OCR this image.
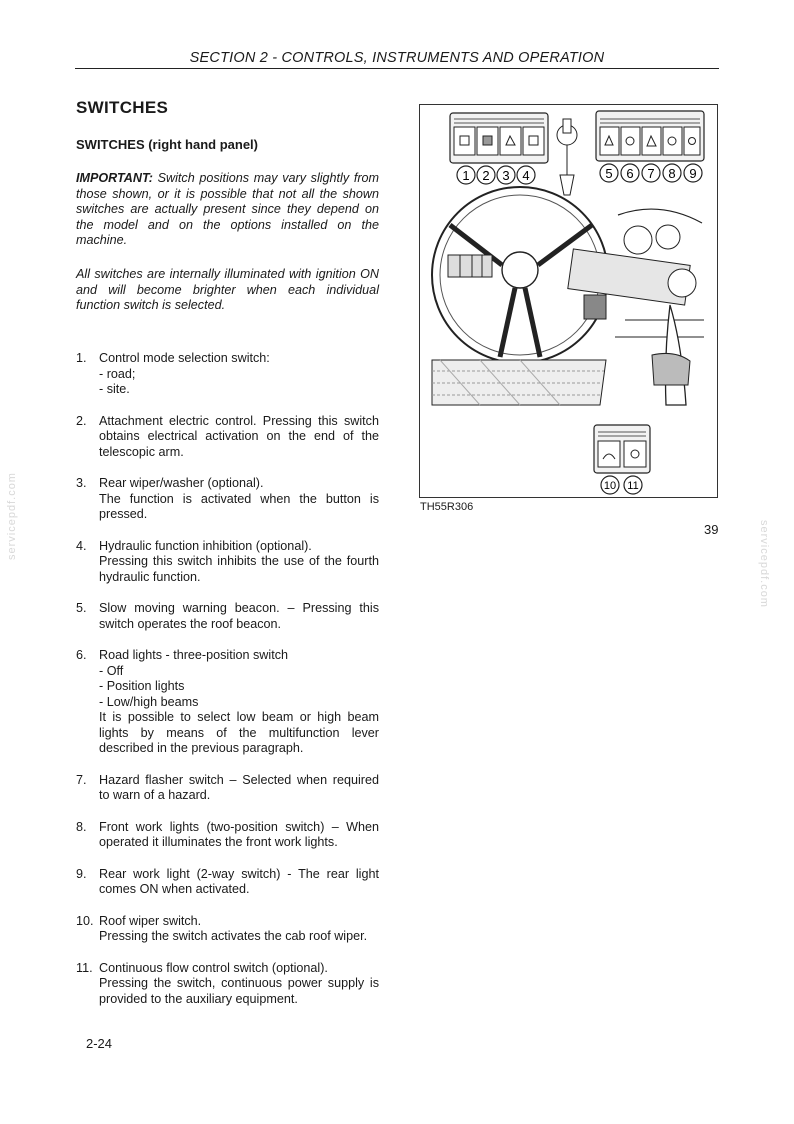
SECTION 2 - CONTROLS, INSTRUMENTS AND OPERATION
SWITCHES
SWITCHES (right hand panel)
IMPORTANT: Switch positions may vary slightly from those shown, or it is possible that not all the shown switches are actually present since they depend on the model and on the options installed on the machine.
All switches are internally illuminated with ignition ON and will become brighter when each individual function switch is selected.
1. Control mode selection switch:
- road;
- site.
2. Attachment electric control. Pressing this switch obtains electrical activation on the end of the telescopic arm.
3. Rear wiper/washer (optional).
The function is activated when the button is pressed.
4. Hydraulic function inhibition (optional).
Pressing this switch inhibits the use of the fourth hydraulic function.
5. Slow moving warning beacon. – Pressing this switch operates the roof beacon.
6. Road lights - three-position switch
- Off
- Position lights
- Low/high beams
It is possible to select low beam or high beam lights by means of the multifunction lever described in the previous paragraph.
7. Hazard flasher switch – Selected when required to warn of a hazard.
8. Front work lights (two-position switch) – When operated it illuminates the front work lights.
9. Rear work light (2-way switch) - The rear light comes ON when activated.
10. Roof wiper switch.
Pressing the switch activates the cab roof wiper.
11. Continuous flow control switch (optional).
Pressing the switch, continuous power supply is provided to the auxiliary equipment.
1 2 3 4	5 6 7 8 9
10 11
TH55R306
39
2-24
servicepdf.com
servicepdf.com
